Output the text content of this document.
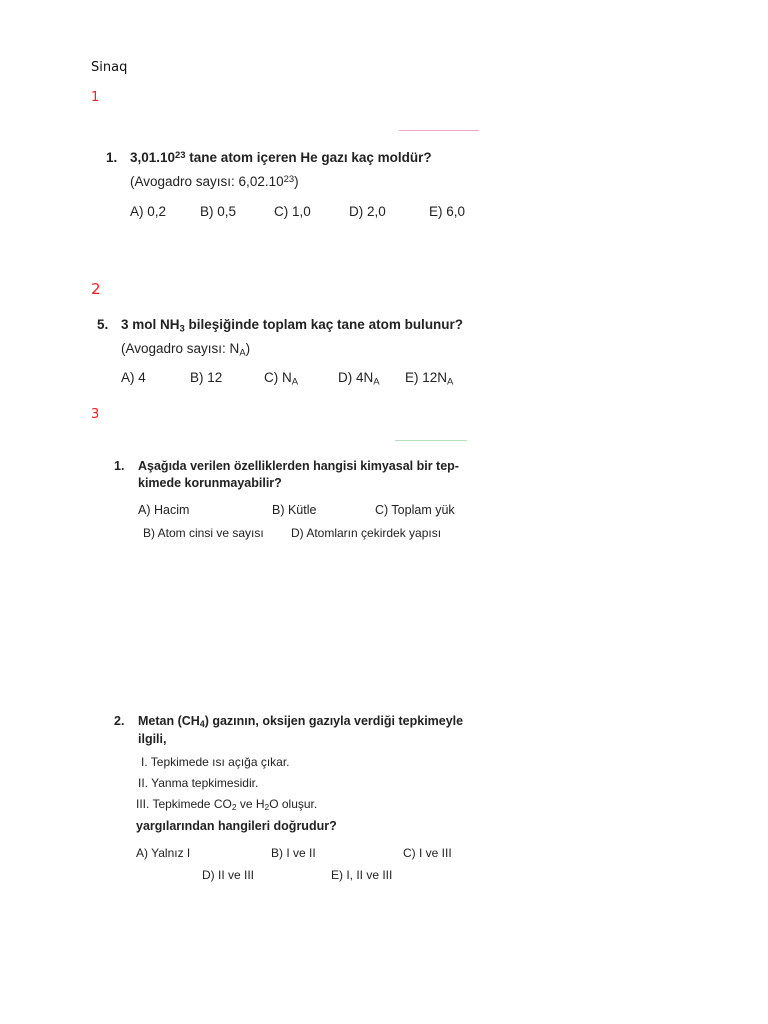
Sinaq
1
1. 3,01.10$^{23}$ tane atom içeren He gazı kaç moldür?
(Avogadro sayısı: 6,02.10$^{23}$)
A) 0,2	B) 0,5	C) 1,0	D) 2,0	E) 6,0
2
5. 3 mol $NH_3$ bileşiğinde toplam kaç tane atom bulunur?
(Avogadro sayısı: $N_A$)
A) 4	B) 12	C) $N_A$	D) $4N_A$ E) $12N_A$
3
1. Aşağıda verilen özelliklerden hangisi kimyasal bir tep-
kimede korunmayabilir?
A) Hacim	B) Kütle	C) Toplam yük
B) Atom cinsi ve sayısı D) Atomların çekirdek yapısı
2. Metan $(CH_4)$ gazının, oksijen gazıyla verdiği tepkimeyle
ilgili,
I. Tepkimede ısı açığa çıkar.
II. Yanma tepkimesidir.
III. Tepkimede $CO_2$ ve $H_2O$ oluşur.
yargılarından hangileri doğrudur?
A) Yalnız I	B) I ve II	C) I ve III
D) II ve III	E) I, II ve III
